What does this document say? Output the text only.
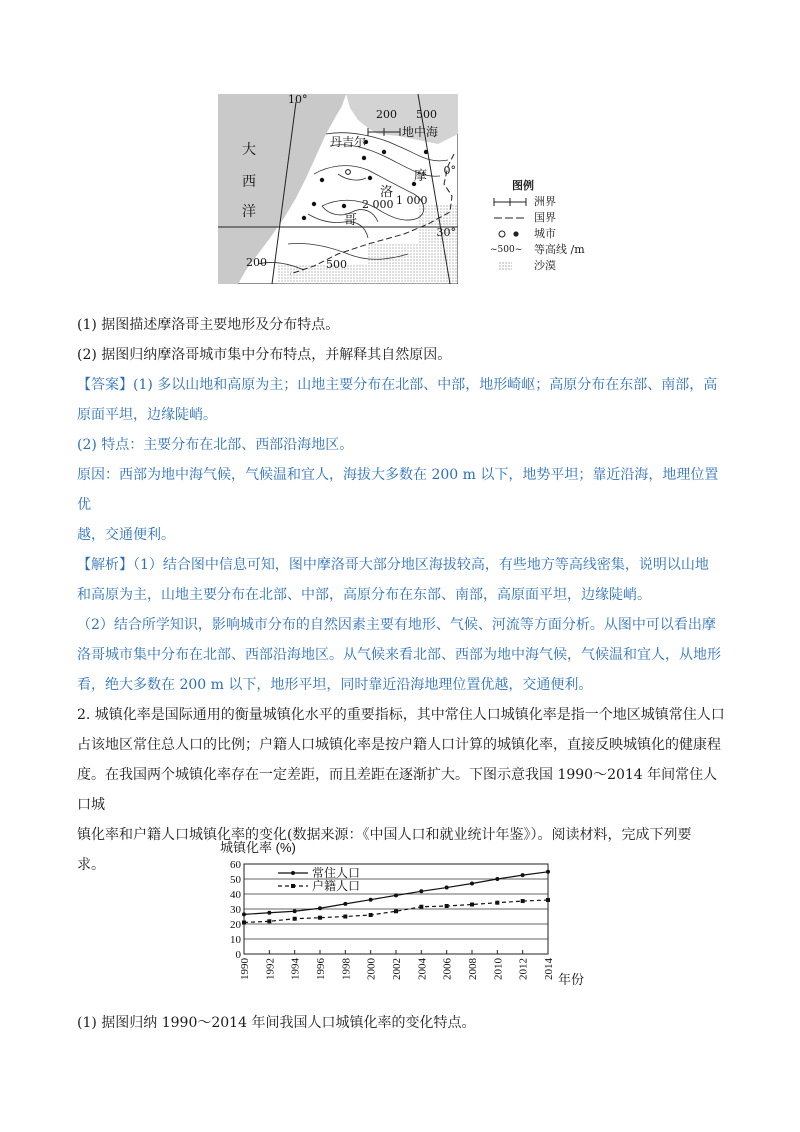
大
西
洋
10°
0°
30°
丹吉尔
地中海
摩
洛
哥
200 500
2 000 1 000
500
200
图例
洲界
国界
城市
~500~	等高线 /m
沙漠

(1) 据图描述摩洛哥主要地形及分布特点。

(2) 据图归纳摩洛哥城市集中分布特点，并解释其自然原因。

【答案】(1) 多以山地和高原为主；山地主要分布在北部、中部，地形崎岖；高原分布在东部、南部，高

原面平坦，边缘陡峭。

(2) 特点：主要分布在北部、西部沿海地区。

原因：西部为地中海气候，气候温和宜人，海拔大多数在 200 m 以下，地势平坦；靠近沿海，地理位置优

越，交通便利。

【解析】（1）结合图中信息可知，图中摩洛哥大部分地区海拔较高，有些地方等高线密集，说明以山地

和高原为主，山地主要分布在北部、中部，高原分布在东部、南部，高原面平坦，边缘陡峭。

（2）结合所学知识，影响城市分布的自然因素主要有地形、气候、河流等方面分析。从图中可以看出摩

洛哥城市集中分布在北部、西部沿海地区。从气候来看北部、西部为地中海气候，气候温和宜人，从地形

看，绝大多数在 200 m 以下，地形平坦，同时靠近沿海地理位置优越，交通便利。

2. 城镇化率是国际通用的衡量城镇化水平的重要指标，其中常住人口城镇化率是指一个地区城镇常住人口

占该地区常住总人口的比例；户籍人口城镇化率是按户籍人口计算的城镇化率，直接反映城镇化的健康程

度。在我国两个城镇化率存在一定差距，而且差距在逐渐扩大。下图示意我国 1990～2014 年间常住人口城

镇化率和户籍人口城镇化率的变化(数据来源：《中国人口和就业统计年鉴》）。阅读材料，完成下列要

求。

城镇化率 (%)
0
10
20
30
40
50
60
1990 1992 1994 1996 1998 2000 2002 2004 2006 2008 2010 2012 2014 年份
常住人口
户籍人口

(1) 据图归纳 1990～2014 年间我国人口城镇化率的变化特点。
